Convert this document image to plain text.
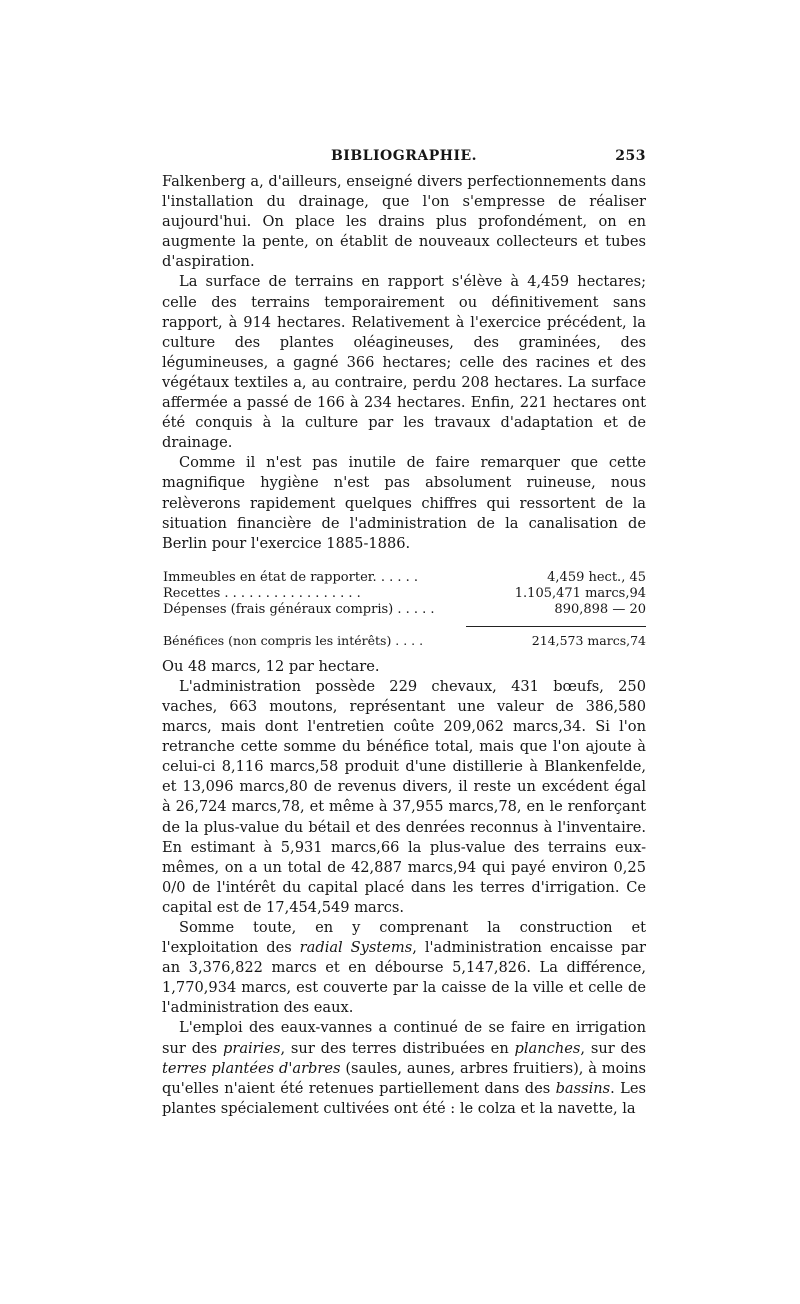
BIBLIOGRAPHIE.	253

Falkenberg a, d'ailleurs, enseigné divers perfectionnements dans l'installation du drainage, que l'on s'empresse de réaliser aujourd'hui. On place les drains plus profondément, on en augmente la pente, on établit de nouveaux collecteurs et tubes d'aspiration.

La surface de terrains en rapport s'élève à 4,459 hectares; celle des terrains temporairement ou définitivement sans rapport, à 914 hectares. Relativement à l'exercice précédent, la culture des plantes oléagineuses, des graminées, des légumineuses, a gagné 366 hectares; celle des racines et des végétaux textiles a, au contraire, perdu 208 hectares. La surface affermée a passé de 166 à 234 hectares. Enfin, 221 hectares ont été conquis à la culture par les travaux d'adaptation et de drainage.

Comme il n'est pas inutile de faire remarquer que cette magnifique hygiène n'est pas absolument ruineuse, nous relèverons rapidement quelques chiffres qui ressortent de la situation financière de l'administration de la canalisation de Berlin pour l'exercice 1885-1886.

Immeubles en état de rapporter. . . . . .	4,459 hect., 45
Recettes . . . . . . . . . . . . . . . . .	1.105,471 marcs,94
Dépenses (frais généraux compris) . . . . .	890,898 — 20
Bénéfices (non compris les intérêts) . . . .	214,573 marcs,74

Ou 48 marcs, 12 par hectare.

L'administration possède 229 chevaux, 431 bœufs, 250 vaches, 663 moutons, représentant une valeur de 386,580 marcs, mais dont l'entretien coûte 209,062 marcs,34. Si l'on retranche cette somme du bénéfice total, mais que l'on ajoute à celui-ci 8,116 marcs,58 produit d'une distillerie à Blankenfelde, et 13,096 marcs,80 de revenus divers, il reste un excédent égal à 26,724 marcs,78, et même à 37,955 marcs,78, en le renforçant de la plus-value du bétail et des denrées reconnus à l'inventaire. En estimant à 5,931 marcs,66 la plus-value des terrains eux-mêmes, on a un total de 42,887 marcs,94 qui payé environ 0,25 0/0 de l'intérêt du capital placé dans les terres d'irrigation. Ce capital est de 17,454,549 marcs.

Somme toute, en y comprenant la construction et l'exploitation des radial Systems, l'administration encaisse par an 3,376,822 marcs et en débourse 5,147,826. La différence, 1,770,934 marcs, est couverte par la caisse de la ville et celle de l'administration des eaux.

L'emploi des eaux-vannes a continué de se faire en irrigation sur des prairies, sur des terres distribuées en planches, sur des terres plantées d'arbres (saules, aunes, arbres fruitiers), à moins qu'elles n'aient été retenues partiellement dans des bassins. Les plantes spécialement cultivées ont été : le colza et la navette, la
